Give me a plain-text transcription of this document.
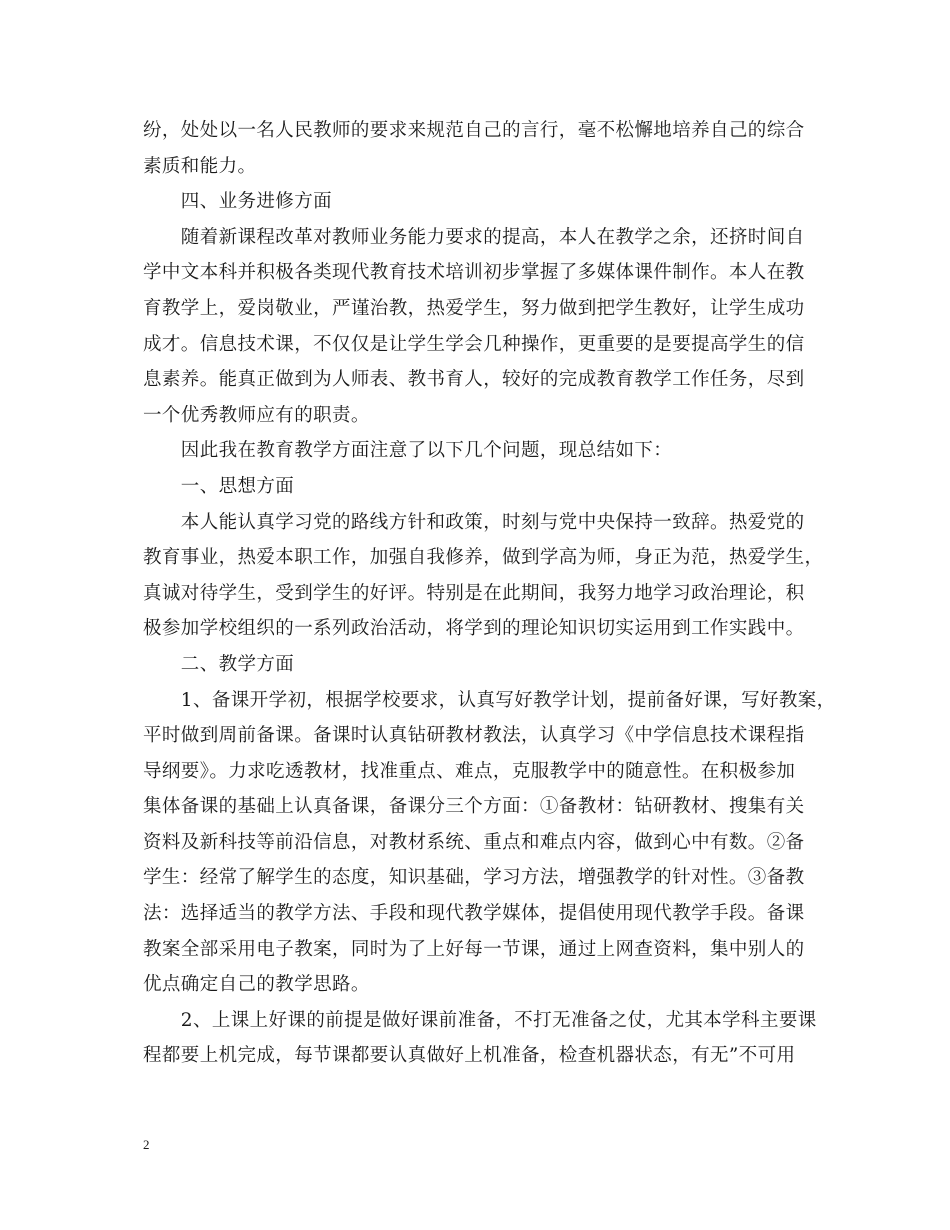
纷，处处以一名人民教师的要求来规范自己的言行，毫不松懈地培养自己的综合
素质和能力。
　　四、业务进修方面
　　随着新课程改革对教师业务能力要求的提高，本人在教学之余，还挤时间自
学中文本科并积极各类现代教育技术培训初步掌握了多媒体课件制作。本人在教
育教学上，爱岗敬业，严谨治教，热爱学生，努力做到把学生教好，让学生成功
成才。信息技术课，不仅仅是让学生学会几种操作，更重要的是要提高学生的信
息素养。能真正做到为人师表、教书育人，较好的完成教育教学工作任务，尽到
一个优秀教师应有的职责。
　　因此我在教育教学方面注意了以下几个问题，现总结如下：
　　一、思想方面
　　本人能认真学习党的路线方针和政策，时刻与党中央保持一致辞。热爱党的
教育事业，热爱本职工作，加强自我修养，做到学高为师，身正为范，热爱学生，
真诚对待学生，受到学生的好评。特别是在此期间，我努力地学习政治理论，积
极参加学校组织的一系列政治活动，将学到的理论知识切实运用到工作实践中。
　　二、教学方面
　　1、备课开学初，根据学校要求，认真写好教学计划，提前备好课，写好教案，
平时做到周前备课。备课时认真钻研教材教法，认真学习《中学信息技术课程指
导纲要》。力求吃透教材，找准重点、难点，克服教学中的随意性。在积极参加
集体备课的基础上认真备课，备课分三个方面：①备教材：钻研教材、搜集有关
资料及新科技等前沿信息，对教材系统、重点和难点内容，做到心中有数。②备
学生：经常了解学生的态度，知识基础，学习方法，增强教学的针对性。③备教
法：选择适当的教学方法、手段和现代教学媒体，提倡使用现代教学手段。备课
教案全部采用电子教案，同时为了上好每一节课，通过上网查资料，集中别人的
优点确定自己的教学思路。
　　2、上课上好课的前提是做好课前准备，不打无准备之仗，尤其本学科主要课
程都要上机完成，每节课都要认真做好上机准备，检查机器状态，有无”不可用
2
